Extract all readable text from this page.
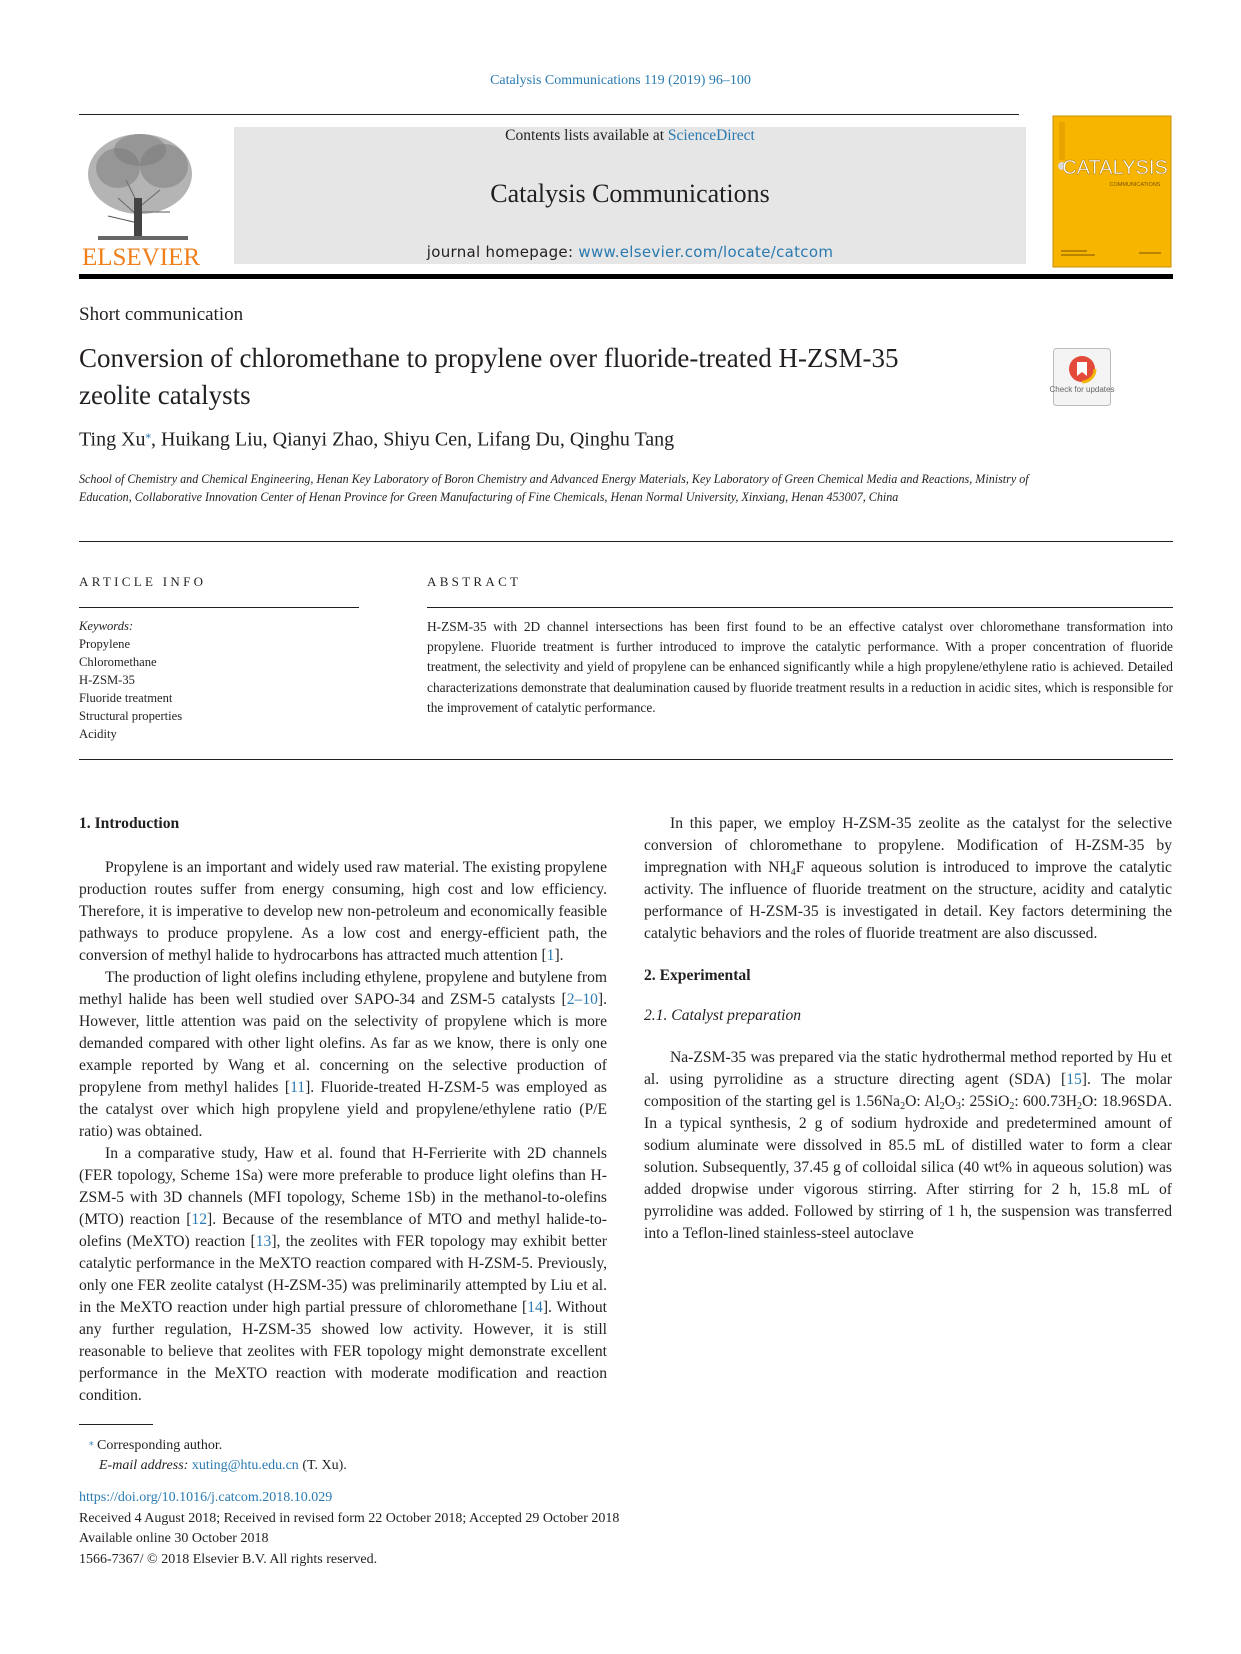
Catalysis Communications 119 (2019) 96–100
ELSEVIER
Contents lists available at ScienceDirect
Catalysis Communications
journal homepage: www.elsevier.com/locate/catcom
CATALYSIS
COMMUNICATIONS
Short communication
Conversion of chloromethane to propylene over fluoride-treated H-ZSM-35
zeolite catalysts	Check for updates
Ting Xu⁎, Huikang Liu, Qianyi Zhao, Shiyu Cen, Lifang Du, Qinghu Tang
School of Chemistry and Chemical Engineering, Henan Key Laboratory of Boron Chemistry and Advanced Energy Materials, Key Laboratory of Green Chemical Media and Reactions, Ministry of Education, Collaborative Innovation Center of Henan Province for Green Manufacturing of Fine Chemicals, Henan Normal University, Xinxiang, Henan 453007, China
ARTICLE INFO
Keywords:
Propylene
Chloromethane
H-ZSM-35
Fluoride treatment
Structural properties
Acidity
ABSTRACT
H-ZSM-35 with 2D channel intersections has been first found to be an effective catalyst over chloromethane transformation into propylene. Fluoride treatment is further introduced to improve the catalytic performance. With a proper concentration of fluoride treatment, the selectivity and yield of propylene can be enhanced significantly while a high propylene/ethylene ratio is achieved. Detailed characterizations demonstrate that dealumination caused by fluoride treatment results in a reduction in acidic sites, which is responsible for the improvement of catalytic performance.
1. Introduction

Propylene is an important and widely used raw material. The existing propylene production routes suffer from energy consuming, high cost and low efficiency. Therefore, it is imperative to develop new non-petroleum and economically feasible pathways to produce propylene. As a low cost and energy-efficient path, the conversion of methyl halide to hydrocarbons has attracted much attention [1].

The production of light olefins including ethylene, propylene and butylene from methyl halide has been well studied over SAPO-34 and ZSM-5 catalysts [2–10]. However, little attention was paid on the selectivity of propylene which is more demanded compared with other light olefins. As far as we know, there is only one example reported by Wang et al. concerning on the selective production of propylene from methyl halides [11]. Fluoride-treated H-ZSM-5 was employed as the catalyst over which high propylene yield and propylene/ethylene ratio (P/E ratio) was obtained.

In a comparative study, Haw et al. found that H-Ferrierite with 2D channels (FER topology, Scheme 1Sa) were more preferable to produce light olefins than H-ZSM-5 with 3D channels (MFI topology, Scheme 1Sb) in the methanol-to-olefins (MTO) reaction [12]. Because of the resemblance of MTO and methyl halide-to-olefins (MeXTO) reaction [13], the zeolites with FER topology may exhibit better catalytic performance in the MeXTO reaction compared with H-ZSM-5. Previously, only one FER zeolite catalyst (H-ZSM-35) was preliminarily attempted by Liu et al. in the MeXTO reaction under high partial pressure of chloromethane [14]. Without any further regulation, H-ZSM-35 showed low activity. However, it is still reasonable to believe that zeolites with FER topology might demonstrate excellent performance in the MeXTO reaction with moderate modification and reaction condition.

In this paper, we employ H-ZSM-35 zeolite as the catalyst for the selective conversion of chloromethane to propylene. Modification of H-ZSM-35 by impregnation with $NH_4F$ aqueous solution is introduced to improve the catalytic activity. The influence of fluoride treatment on the structure, acidity and catalytic performance of H-ZSM-35 is investigated in detail. Key factors determining the catalytic behaviors and the roles of fluoride treatment are also discussed.

2. Experimental
2.1. Catalyst preparation

Na-ZSM-35 was prepared via the static hydrothermal method reported by Hu et al. using pyrrolidine as a structure directing agent (SDA) [15]. The molar composition of the starting gel is $1.56Na_2O$: $Al_2O_3$: 25SiO$_2$: $600.73H_2O$: 18.96SDA. In a typical synthesis, 2 g of sodium hydroxide and predetermined amount of sodium aluminate were dissolved in 85.5 mL of distilled water to form a clear solution. Subsequently, 37.45 g of colloidal silica (40 wt% in aqueous solution) was added dropwise under vigorous stirring. After stirring for 2 h, 15.8 mL of pyrrolidine was added. Followed by stirring of 1 h, the suspension was transferred into a Teflon-lined stainless-steel autoclave

⁎ Corresponding author.
E-mail address: xuting@htu.edu.cn (T. Xu).
https://doi.org/10.1016/j.catcom.2018.10.029
Received 4 August 2018; Received in revised form 22 October 2018; Accepted 29 October 2018
Available online 30 October 2018
1566-7367/ © 2018 Elsevier B.V. All rights reserved.
